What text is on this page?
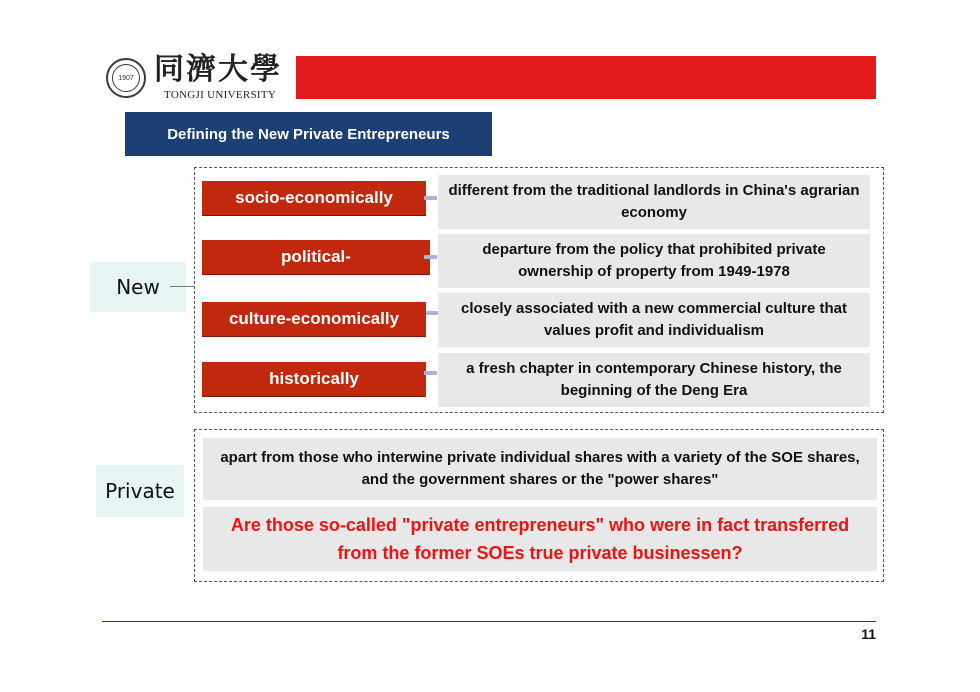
1907 同濟大學
TONGJI UNIVERSITY
Defining the New Private Entrepreneurs
New
socio-economically	different from the traditional landlords in China's agrarian economy
political-	departure from the policy that prohibited private ownership of property from 1949-1978
culture-economically
closely associated with a new commercial culture that values profit and individualism
historically
a fresh chapter in contemporary Chinese history, the beginning of the Deng Era
Private
apart from those who interwine private individual shares with a variety of the SOE shares, and the government shares or the "power shares"
Are those so-called "private entrepreneurs" who were in fact transferred from the former SOEs true private businessen?
11
